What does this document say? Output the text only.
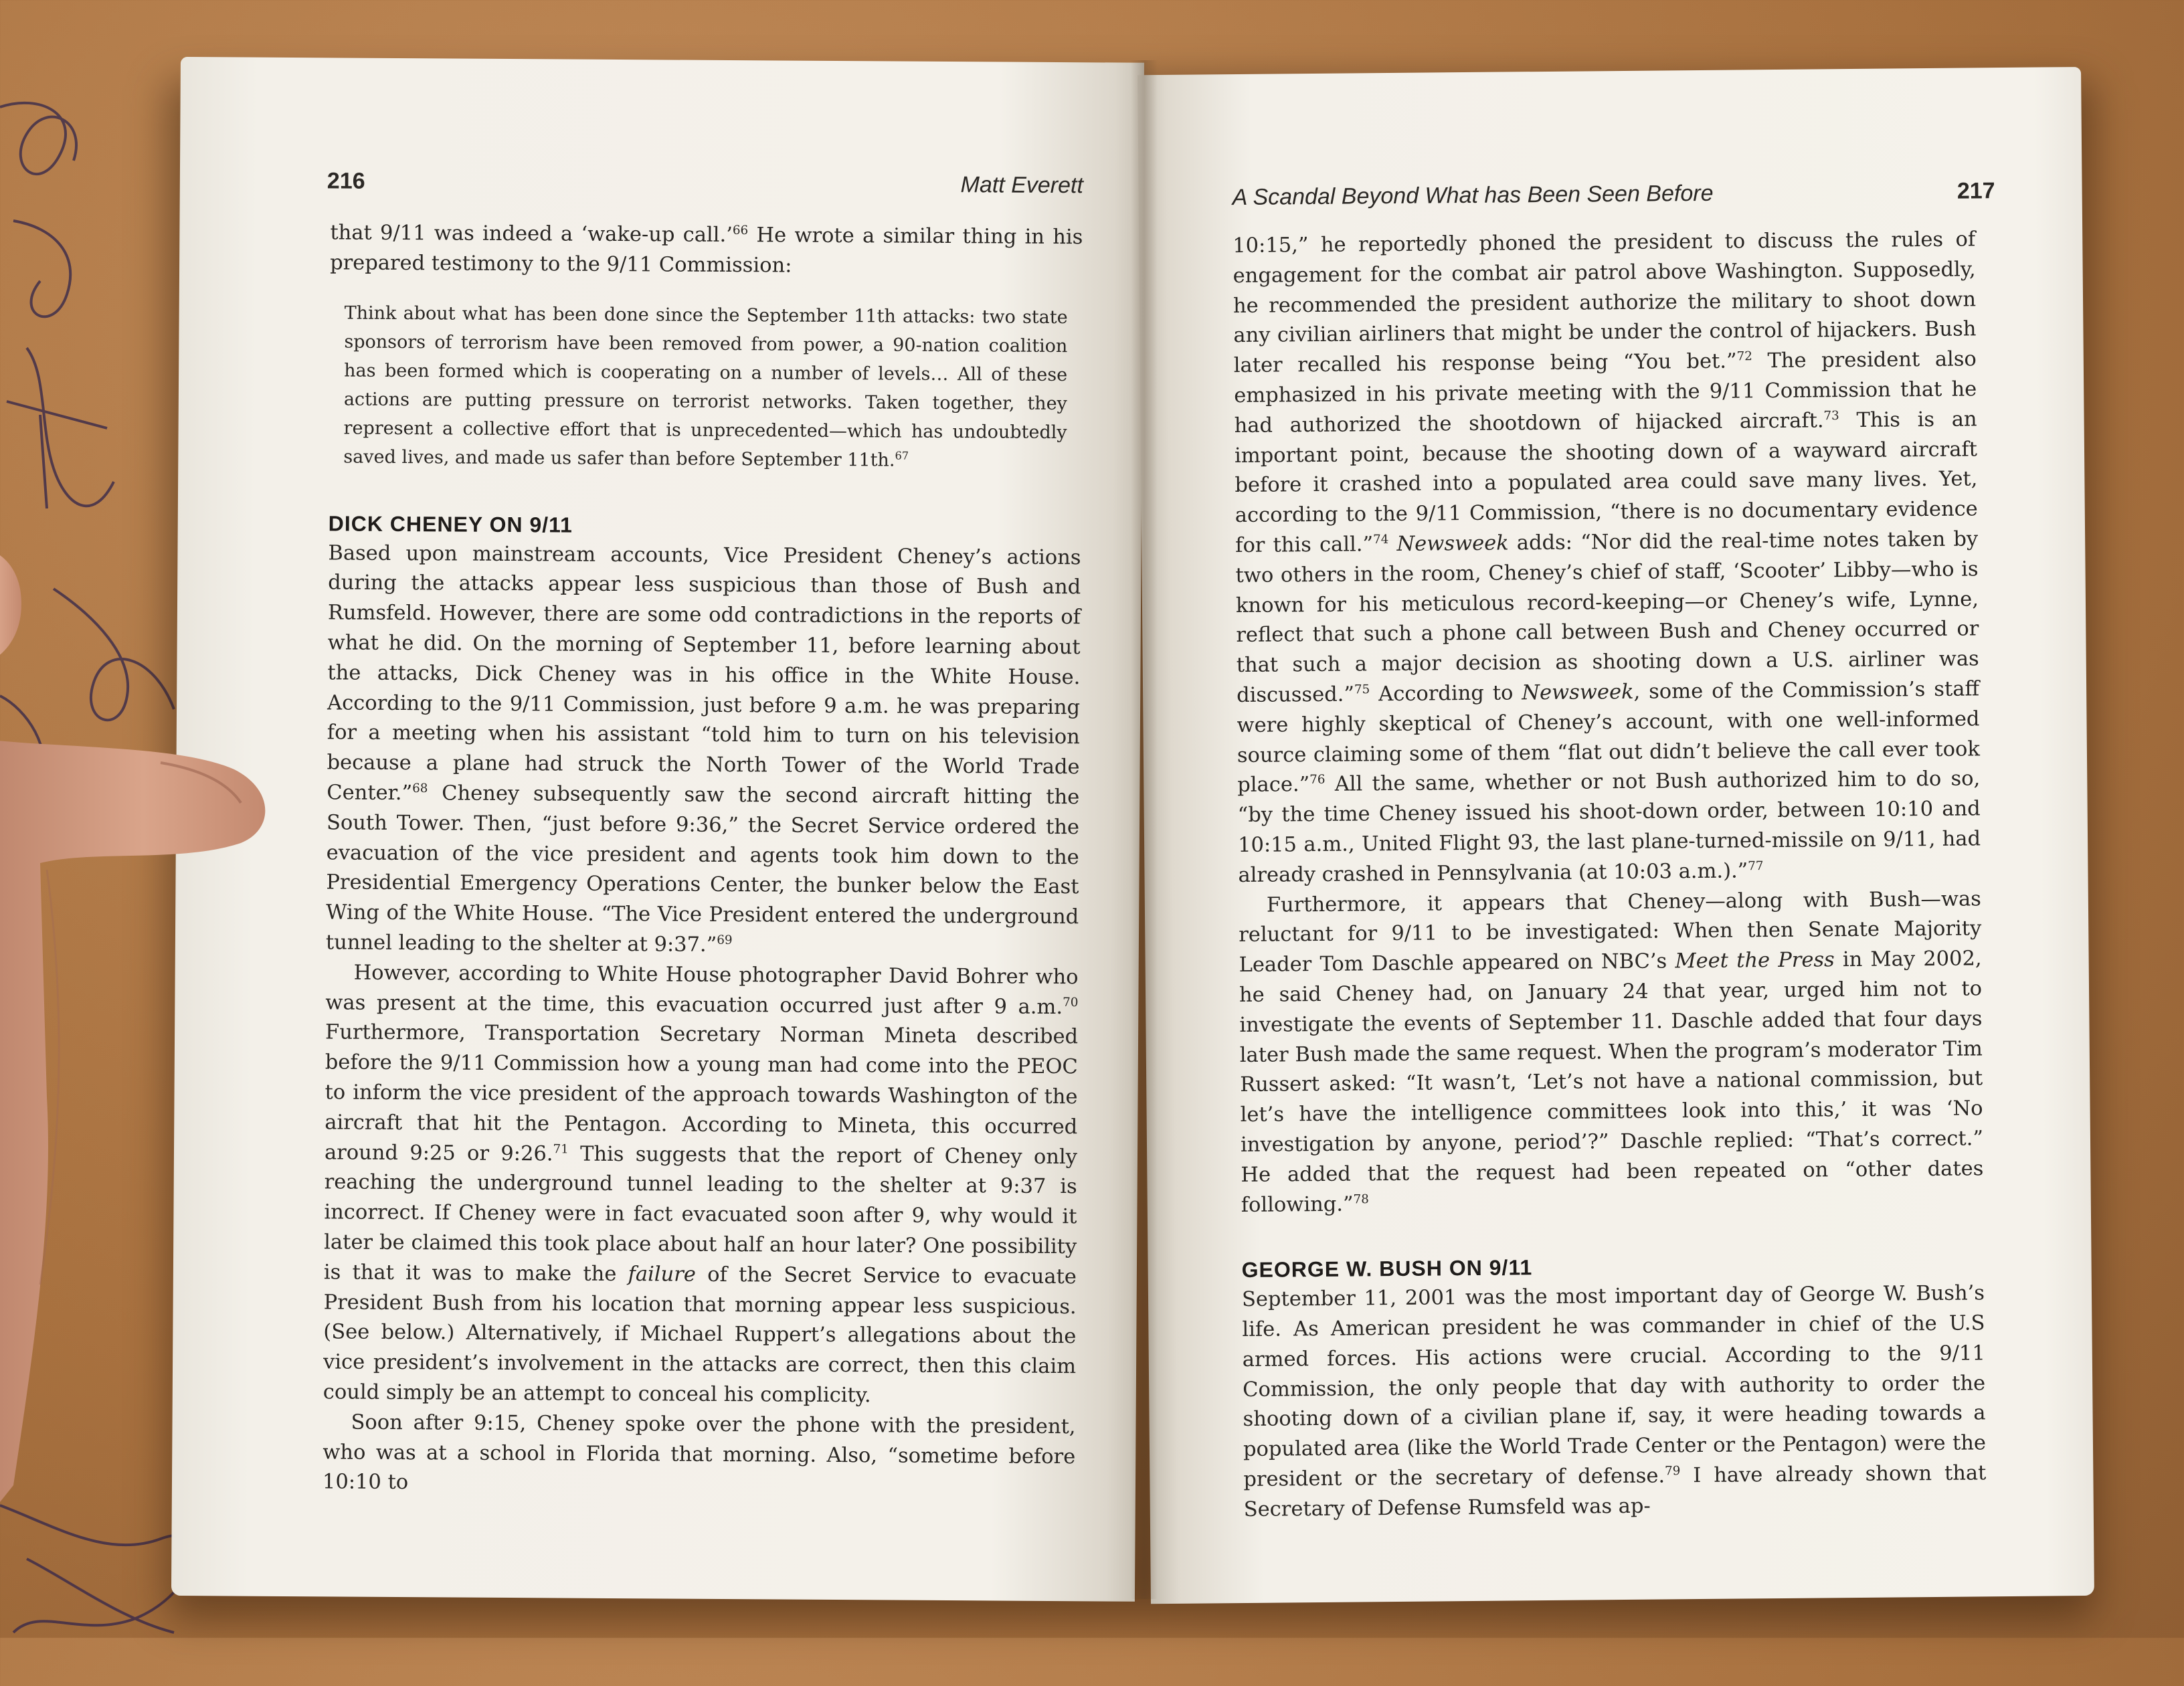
216	Matt Everett

that 9/11 was indeed a ‘wake-up call.’$^{66}$ He wrote a similar thing in his prepared testimony to the 9/11 Commission:

Think about what has been done since the September 11th attacks: two state sponsors of terrorism have been removed from power, a 90-nation coalition has been formed which is cooperating on a number of levels… All of these actions are putting pressure on terrorist networks. Taken together, they represent a collective effort that is unprecedented—which has undoubtedly saved lives, and made us safer than before September 11th.$^{67}$

DICK CHENEY ON 9/11

Based upon mainstream accounts, Vice President Cheney’s actions during the attacks appear less suspicious than those of Bush and Rumsfeld. However, there are some odd contradictions in the reports of what he did. On the morning of September 11, before learning about the attacks, Dick Cheney was in his office in the White House. According to the 9/11 Commission, just before 9 a.m. he was preparing for a meeting when his assistant “told him to turn on his television because a plane had struck the North Tower of the World Trade Center.”$^{68}$ Cheney subsequently saw the second aircraft hitting the South Tower. Then, “just before 9:36,” the Secret Service ordered the evacuation of the vice president and agents took him down to the Presidential Emergency Operations Center, the bunker below the East Wing of the White House. “The Vice President entered the underground tunnel leading to the shelter at 9:37.”$^{69}$

However, according to White House photographer David Bohrer who was present at the time, this evacuation occurred just after 9 a.m.$^{70}$ Furthermore, Transportation Secretary Norman Mineta described before the 9/11 Commission how a young man had come into the PEOC to inform the vice president of the approach towards Washington of the aircraft that hit the Pentagon. According to Mineta, this occurred around 9:25 or 9:26.71 This suggests that the report of Cheney only reaching the underground tunnel leading to the shelter at 9:37 is incorrect. If Cheney were in fact evacuated soon after 9, why would it later be claimed this took place about half an hour later? One possibility is that it was to make the failure of the Secret Service to evacuate President Bush from his location that morning appear less suspicious. (See below.) Alternatively, if Michael Ruppert’s allegations about the vice president’s involvement in the attacks are correct, then this claim could simply be an attempt to conceal his complicity.

Soon after 9:15, Cheney spoke over the phone with the president, who was at a school in Florida that morning. Also, “sometime before 10:10 to

A Scandal Beyond What has Been Seen Before	217

10:15,” he reportedly phoned the president to discuss the rules of engagement for the combat air patrol above Washington. Supposedly, he recommended the president authorize the military to shoot down any civilian airliners that might be under the control of hijackers. Bush later recalled his response being “You bet.”$^{72}$ The president also emphasized in his private meeting with the 9/11 Commission that he had authorized the shootdown of hijacked aircraft.$^{73}$ This is an important point, because the shooting down of a wayward aircraft before it crashed into a populated area could save many lives. Yet, according to the 9/11 Commission, “there is no documentary evidence for this call.”$^{74}$ Newsweek adds: “Nor did the real-time notes taken by two others in the room, Cheney’s chief of staff, ‘Scooter’ Libby—who is known for his meticulous record-keeping—or Cheney’s wife, Lynne, reflect that such a phone call between Bush and Cheney occurred or that such a major decision as shooting down a U.S. airliner was discussed.”$^{75}$ According to Newsweek, some of the Commission’s staff were highly skeptical of Cheney’s account, with one well-informed source claiming some of them “flat out didn’t believe the call ever took place.”$^{76}$ All the same, whether or not Bush authorized him to do so, “by the time Cheney issued his shoot-down order, between 10:10 and 10:15 a.m., United Flight 93, the last plane-turned-missile on 9/11, had already crashed in Pennsylvania (at 10:03 a.m.).”$^{77}$

Furthermore, it appears that Cheney—along with Bush—was reluctant for 9/11 to be investigated: When then Senate Majority Leader Tom Daschle appeared on NBC’s Meet the Press in May 2002, he said Cheney had, on January 24 that year, urged him not to investigate the events of September 11. Daschle added that four days later Bush made the same request. When the program’s moderator Tim Russert asked: “It wasn’t, ‘Let’s not have a national commission, but let’s have the intelligence committees look into this,’ it was ‘No investigation by anyone, period’?” Daschle replied: “That’s correct.” He added that the request had been repeated on “other dates following.”$^{78}$

GEORGE W. BUSH ON 9/11

September 11, 2001 was the most important day of George W. Bush’s life. As American president he was commander in chief of the U.S armed forces. His actions were crucial. According to the 9/11 Commission, the only people that day with authority to order the shooting down of a civilian plane if, say, it were heading towards a populated area (like the World Trade Center or the Pentagon) were the president or the secretary of defense.$^{79}$ I have already shown that Secretary of Defense Rumsfeld was ap-
